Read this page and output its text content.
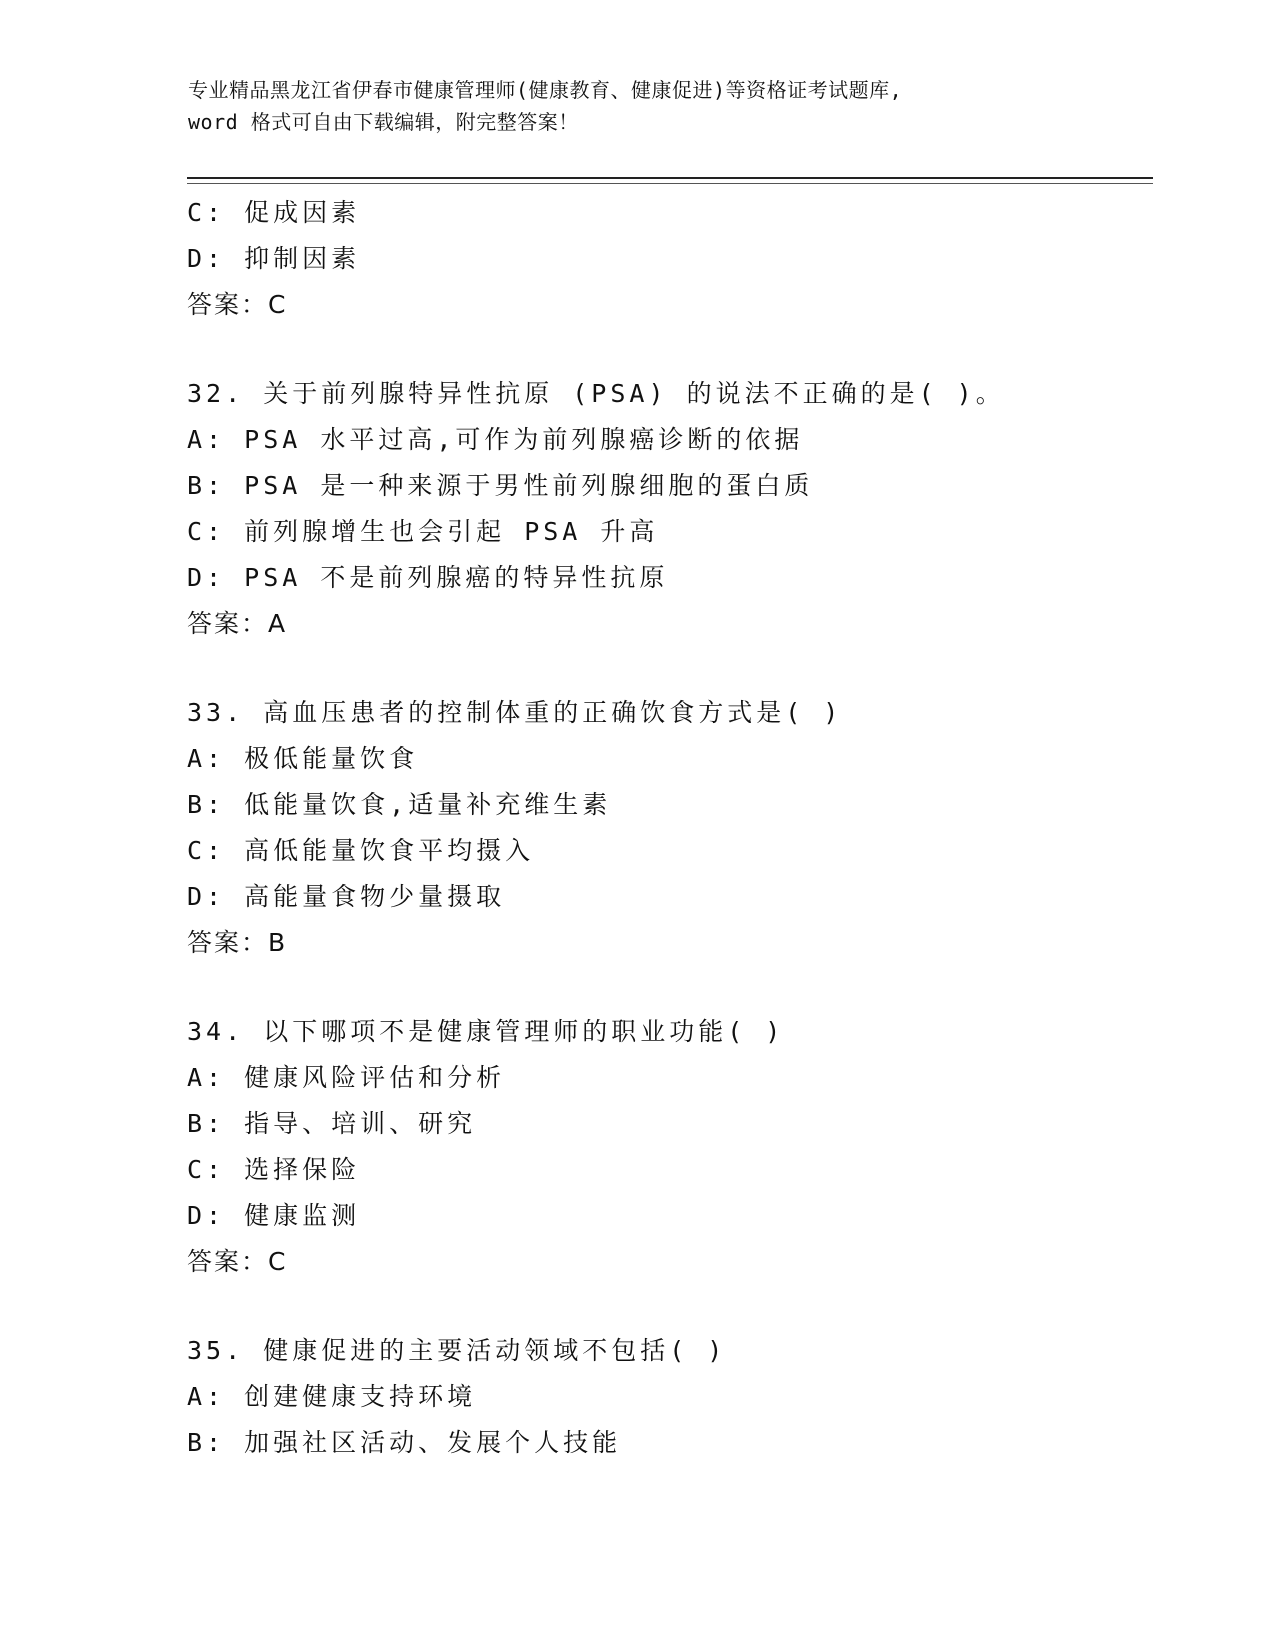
专业精品黑龙江省伊春市健康管理师(健康教育、健康促进)等资格证考试题库,
word 格式可自由下载编辑，附完整答案！
C: 促成因素
D: 抑制因素
答案：C
32. 关于前列腺特异性抗原 (PSA) 的说法不正确的是( )。
A: PSA 水平过高,可作为前列腺癌诊断的依据
B: PSA 是一种来源于男性前列腺细胞的蛋白质
C: 前列腺增生也会引起 PSA 升高
D: PSA 不是前列腺癌的特异性抗原
答案：A
33. 高血压患者的控制体重的正确饮食方式是( )
A: 极低能量饮食
B: 低能量饮食,适量补充维生素
C: 高低能量饮食平均摄入
D: 高能量食物少量摄取
答案：B
34. 以下哪项不是健康管理师的职业功能( )
A: 健康风险评估和分析
B: 指导、培训、研究
C: 选择保险
D: 健康监测
答案：C
35. 健康促进的主要活动领域不包括( )
A: 创建健康支持环境
B: 加强社区活动、发展个人技能
